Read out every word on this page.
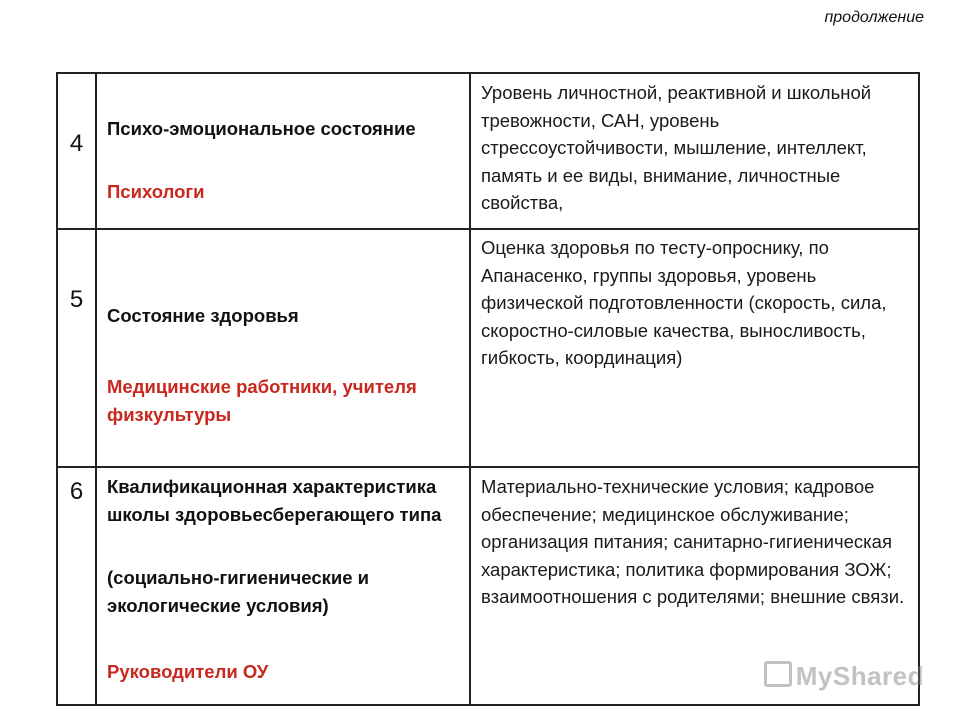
продолжение
4
Психо-эмоциональное состояние
Психологи
Уровень личностной, реактивной и школьной тревожности, САН, уровень стрессоустойчивости, мышление, интеллект, память и ее виды, внимание, личностные свойства,
5
Состояние здоровья
Медицинские работники, учителя физкультуры
Оценка здоровья по тесту-опроснику, по Апанасенко, группы здоровья, уровень физической подготовленности (скорость, сила, скоростно-силовые качества, выносливость, гибкость, координация)
6	Квалификационная характеристика школы здоровьесберегающего типа
(социально-гигиенические и экологические условия)
Руководители ОУ
Материально-технические условия; кадровое обеспечение; медицинское обслуживание; организация питания; санитарно-гигиеническая характеристика; политика формирования ЗОЖ; взаимоотношения с родителями; внешние связи.
MyShared
